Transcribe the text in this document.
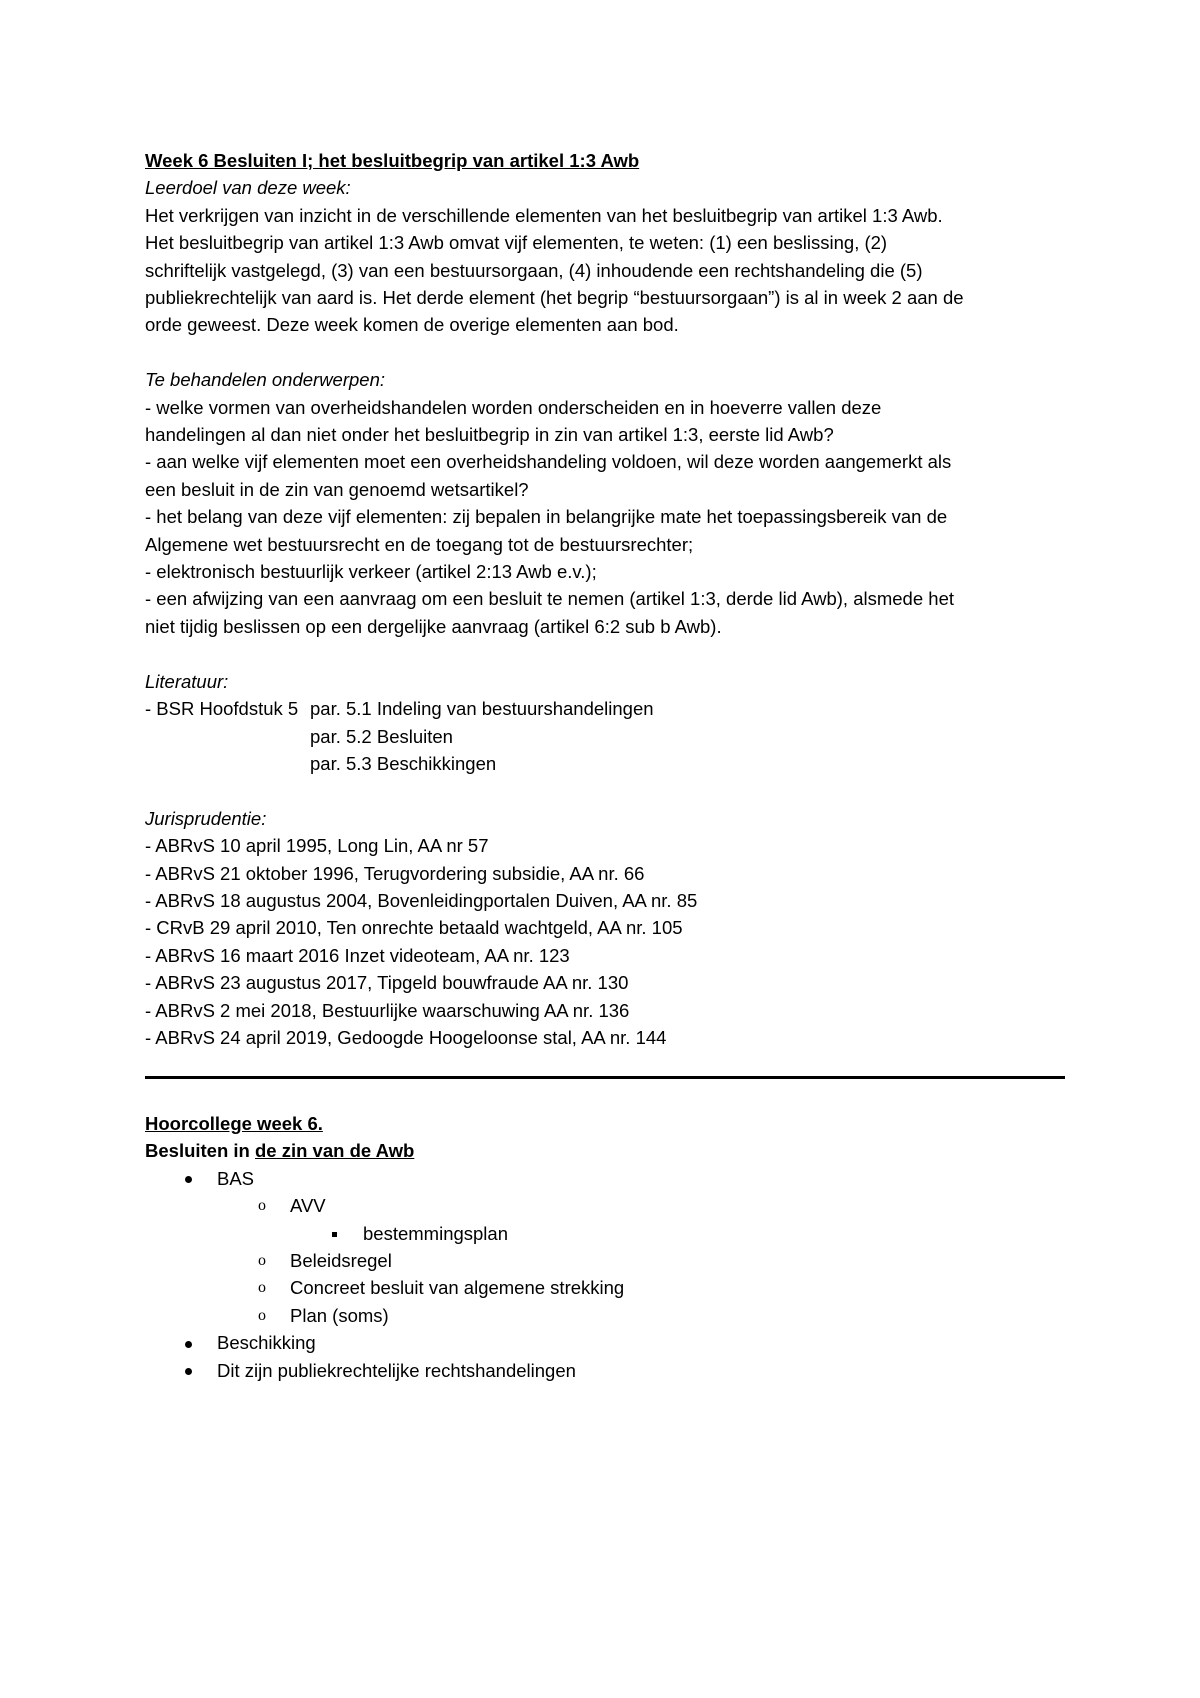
Week 6 Besluiten I; het besluitbegrip van artikel 1:3 Awb

Leerdoel van deze week:

Het verkrijgen van inzicht in de verschillende elementen van het besluitbegrip van artikel 1:3 Awb.
Het besluitbegrip van artikel 1:3 Awb omvat vijf elementen, te weten: (1) een beslissing, (2)
schriftelijk vastgelegd, (3) van een bestuursorgaan, (4) inhoudende een rechtshandeling die (5)
publiekrechtelijk van aard is. Het derde element (het begrip “bestuursorgaan”) is al in week 2 aan de
orde geweest. Deze week komen de overige elementen aan bod.

Te behandelen onderwerpen:

- welke vormen van overheidshandelen worden onderscheiden en in hoeverre vallen deze
handelingen al dan niet onder het besluitbegrip in zin van artikel 1:3, eerste lid Awb?
- aan welke vijf elementen moet een overheidshandeling voldoen, wil deze worden aangemerkt als
een besluit in de zin van genoemd wetsartikel?
- het belang van deze vijf elementen: zij bepalen in belangrijke mate het toepassingsbereik van de
Algemene wet bestuursrecht en de toegang tot de bestuursrechter;
- elektronisch bestuurlijk verkeer (artikel 2:13 Awb e.v.);
- een afwijzing van een aanvraag om een besluit te nemen (artikel 1:3, derde lid Awb), alsmede het
niet tijdig beslissen op een dergelijke aanvraag (artikel 6:2 sub b Awb).

Literatuur:

- BSR Hoofdstuk 5 par. 5.1 Indeling van bestuurshandelingen
par. 5.2 Besluiten
par. 5.3 Beschikkingen

Jurisprudentie:

- ABRvS 10 april 1995, Long Lin, AA nr 57
- ABRvS 21 oktober 1996, Terugvordering subsidie, AA nr. 66
- ABRvS 18 augustus 2004, Bovenleidingportalen Duiven, AA nr. 85
- CRvB 29 april 2010, Ten onrechte betaald wachtgeld, AA nr. 105
- ABRvS 16 maart 2016 Inzet videoteam, AA nr. 123
- ABRvS 23 augustus 2017, Tipgeld bouwfraude AA nr. 130
- ABRvS 2 mei 2018, Bestuurlijke waarschuwing AA nr. 136
- ABRvS 24 april 2019, Gedoogde Hoogeloonse stal, AA nr. 144

Hoorcollege week 6.

Besluiten in de zin van de Awb

BAS
o AVV
bestemmingsplan
o Beleidsregel
o Concreet besluit van algemene strekking
o Plan (soms)
Beschikking
Dit zijn publiekrechtelijke rechtshandelingen
